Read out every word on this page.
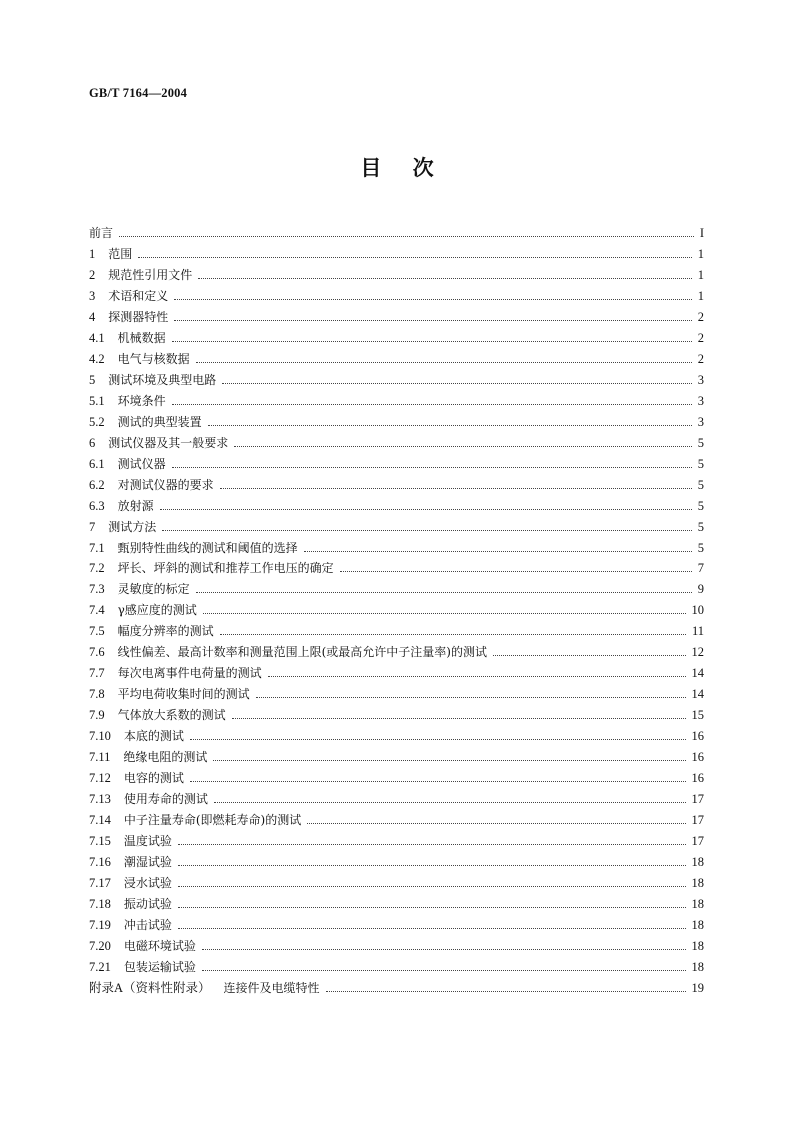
GB/T 7164—2004
目 次
前言	I
1 范围	1
2 规范性引用文件	1
3 术语和定义	1
4 探测器特性	2
4.1 机械数据	2
4.2 电气与核数据	2
5 测试环境及典型电路	3
5.1 环境条件	3
5.2 测试的典型装置	3
6 测试仪器及其一般要求	5
6.1 测试仪器	5
6.2 对测试仪器的要求	5
6.3 放射源	5
7 测试方法	5
7.1 甄别特性曲线的测试和阈值的选择	5
7.2 坪长、坪斜的测试和推荐工作电压的确定	7
7.3 灵敏度的标定	9
7.4 γ感应度的测试	10
7.5 幅度分辨率的测试	11
7.6 线性偏差、最高计数率和测量范围上限(或最高允许中子注量率)的测试	12
7.7 每次电离事件电荷量的测试	14
7.8 平均电荷收集时间的测试	14
7.9 气体放大系数的测试	15
7.10 本底的测试	16
7.11 绝缘电阻的测试	16
7.12 电容的测试	16
7.13 使用寿命的测试	17
7.14 中子注量寿命(即燃耗寿命)的测试	17
7.15 温度试验	17
7.16 潮湿试验	18
7.17 浸水试验	18
7.18 振动试验	18
7.19 冲击试验	18
7.20 电磁环境试验	18
7.21 包装运输试验	18
附录A（资料性附录） 连接件及电缆特性	19
